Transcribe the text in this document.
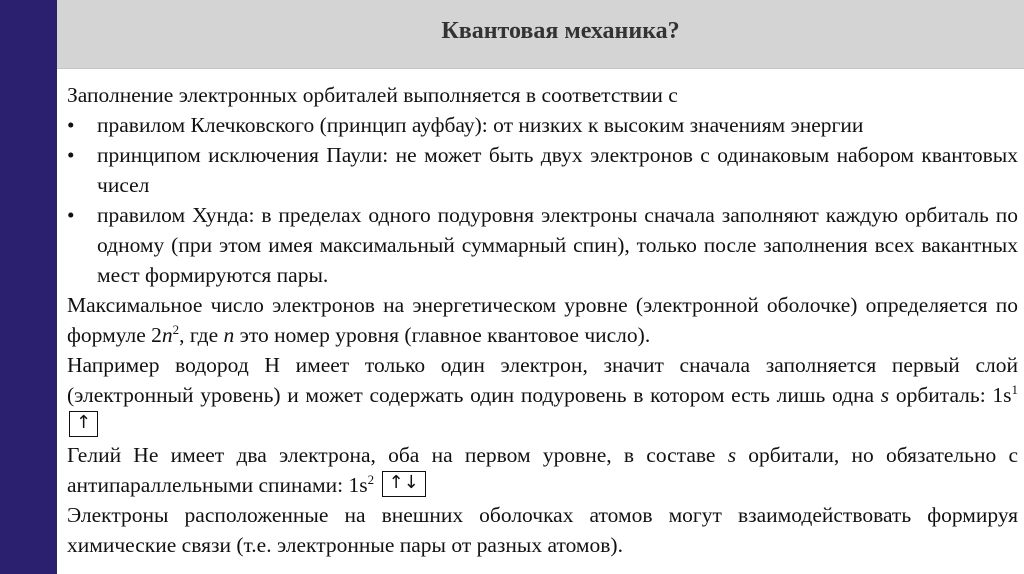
Квантовая механика?

Заполнение электронных орбиталей выполняется в соответствии с

• правилом Клечковского (принцип ауфбау): от низких к высоким значениям энергии

• принципом исключения Паули: не может быть двух электронов с одинаковым набором квантовых чисел

• правилом Хунда: в пределах одного подуровня электроны сначала заполняют каждую орбиталь по одному (при этом имея максимальный суммарный спин), только после заполнения всех вакантных мест формируются пары.

Максимальное число электронов на энергетическом уровне (электронной оболочке) определяется по формуле $2n^2$, где n это номер уровня (главное квантовое число).

Например водород H имеет только один электрон, значит сначала заполняется первый слой (электронный уровень) и может содержать один подуровень в котором есть лишь одна s орбиталь: $1s^1$ ↑

Гелий He имеет два электрона, оба на первом уровне, в составе s орбитали, но обязательно с антипараллельными спинами: $1s^2$ ↑↓

Электроны расположенные на внешних оболочках атомов могут взаимодействовать формируя химические связи (т.е. электронные пары от разных атомов).
